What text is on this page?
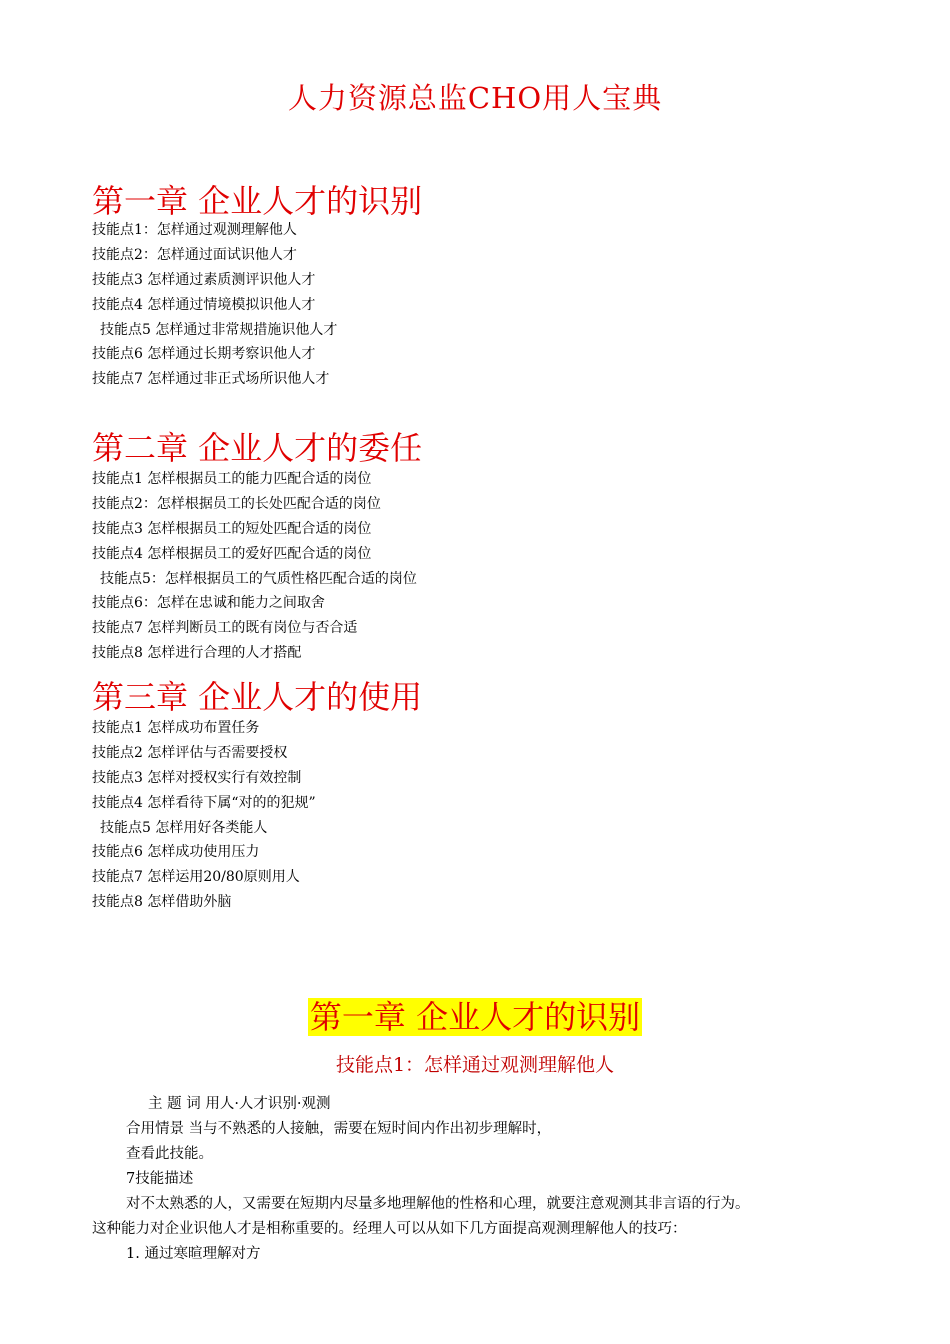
人力资源总监CHO用人宝典
第一章 企业人才的识别
技能点1：怎样通过观测理解他人
技能点2：怎样通过面试识他人才
技能点3 怎样通过素质测评识他人才
技能点4 怎样通过情境模拟识他人才
技能点5 怎样通过非常规措施识他人才
技能点6 怎样通过长期考察识他人才
技能点7 怎样通过非正式场所识他人才
第二章 企业人才的委任
技能点1 怎样根据员工的能力匹配合适的岗位
技能点2：怎样根据员工的长处匹配合适的岗位
技能点3 怎样根据员工的短处匹配合适的岗位
技能点4 怎样根据员工的爱好匹配合适的岗位
技能点5：怎样根据员工的气质性格匹配合适的岗位
技能点6：怎样在忠诚和能力之间取舍
技能点7 怎样判断员工的既有岗位与否合适
技能点8 怎样进行合理的人才搭配
第三章 企业人才的使用
技能点1 怎样成功布置任务
技能点2 怎样评估与否需要授权
技能点3 怎样对授权实行有效控制
技能点4 怎样看待下属“对的的犯规”
技能点5 怎样用好各类能人
技能点6 怎样成功使用压力
技能点7 怎样运用20/80原则用人
技能点8 怎样借助外脑
第一章 企业人才的识别
技能点1：怎样通过观测理解他人

主 题 词 用人·人才识别·观测

合用情景 当与不熟悉的人接触，需要在短时间内作出初步理解时，

查看此技能。

7技能描述

对不太熟悉的人，又需要在短期内尽量多地理解他的性格和心理，就要注意观测其非言语的行为。

这种能力对企业识他人才是相称重要的。经理人可以从如下几方面提高观测理解他人的技巧：

1. 通过寒暄理解对方
